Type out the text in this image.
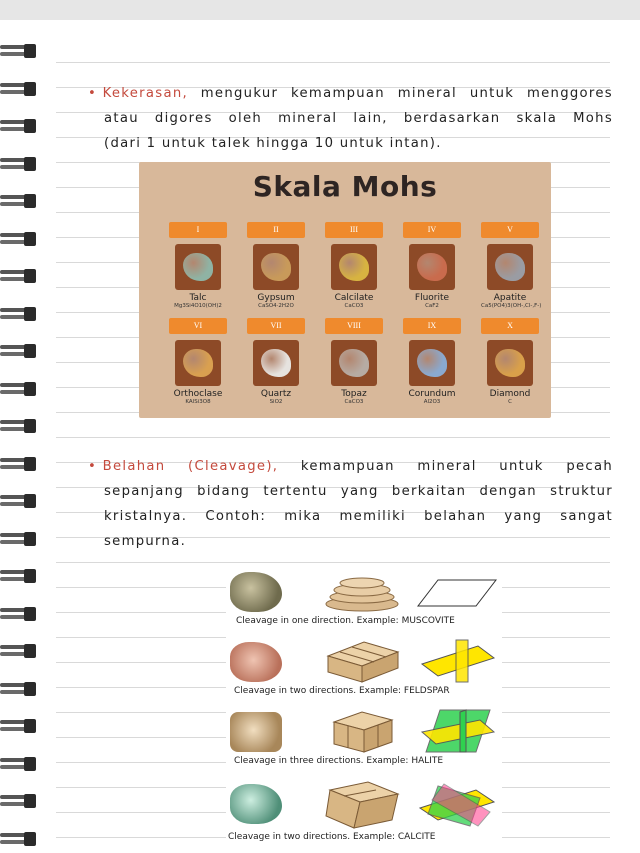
• Kekerasan, mengukur kemampuan mineral untuk menggores
atau digores oleh mineral lain, berdasarkan skala Mohs
(dari 1 untuk talek hingga 10 untuk intan).
Skala Mohs
I
Talc
Mg3Si4O10(OH)2
II
Gypsum
CaSO4·2H2O
III
Calcilate
CaCO3
IV
Fluorite
CaF2
V
Apatite
Ca5(PO4)3(OH-,Cl-,F-)
VI
Orthoclase
KAlSi3O8
VII
Quartz
SiO2
VIII
Topaz
CaCO3
IX
Corundum
Al2O3
X
Diamond
C
• Belahan (Cleavage), kemampuan mineral untuk pecah
sepanjang bidang tertentu yang berkaitan dengan struktur
kristalnya. Contoh: mika memiliki belahan yang sangat
sempurna.
Cleavage in one direction. Example: MUSCOVITE
Cleavage in two directions. Example: FELDSPAR
Cleavage in three directions. Example: HALITE
Cleavage in two directions. Example: CALCITE
